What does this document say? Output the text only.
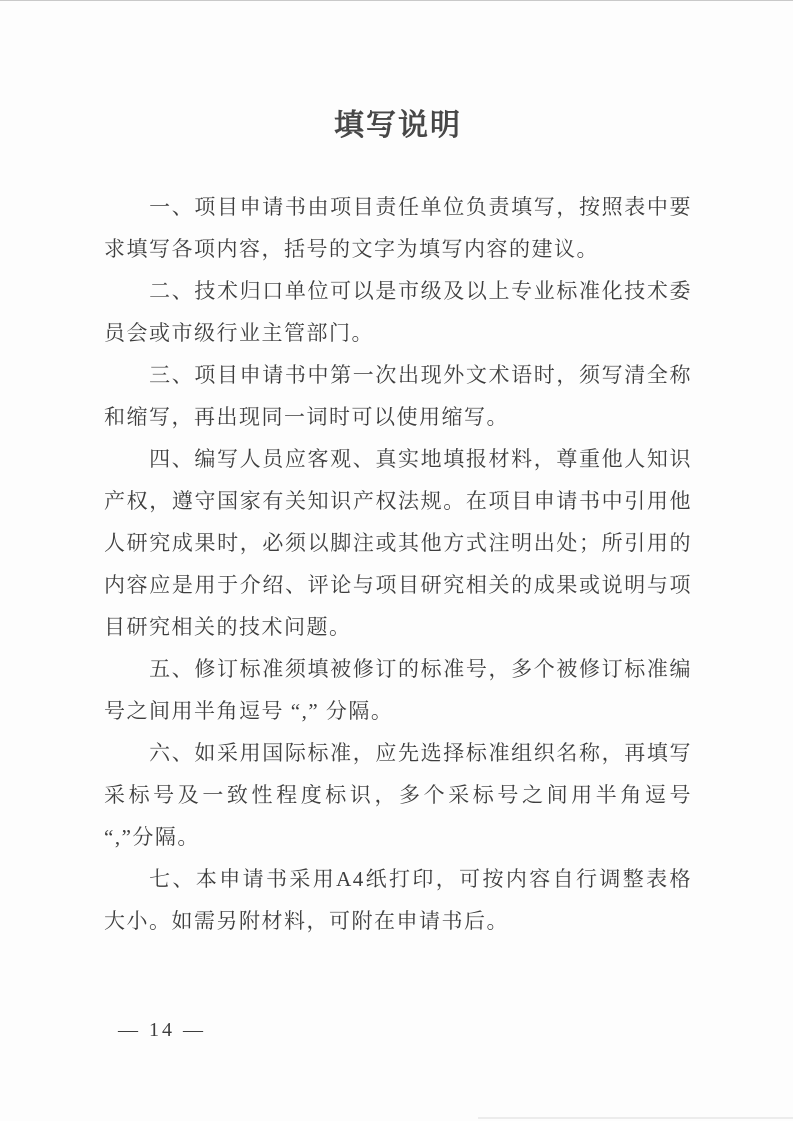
填写说明

一、项目申请书由项目责任单位负责填写，按照表中要求填写各项内容，括号的文字为填写内容的建议。

二、技术归口单位可以是市级及以上专业标准化技术委员会或市级行业主管部门。

三、项目申请书中第一次出现外文术语时，须写清全称和缩写，再出现同一词时可以使用缩写。

四、编写人员应客观、真实地填报材料，尊重他人知识产权，遵守国家有关知识产权法规。在项目申请书中引用他人研究成果时，必须以脚注或其他方式注明出处；所引用的内容应是用于介绍、评论与项目研究相关的成果或说明与项目研究相关的技术问题。

五、修订标准须填被修订的标准号，多个被修订标准编号之间用半角逗号 “,” 分隔。

六、如采用国际标准，应先选择标准组织名称，再填写采标号及一致性程度标识，多个采标号之间用半角逗号 “,”分隔。

七、本申请书采用A4纸打印，可按内容自行调整表格大小。如需另附材料，可附在申请书后。

— 14 —
